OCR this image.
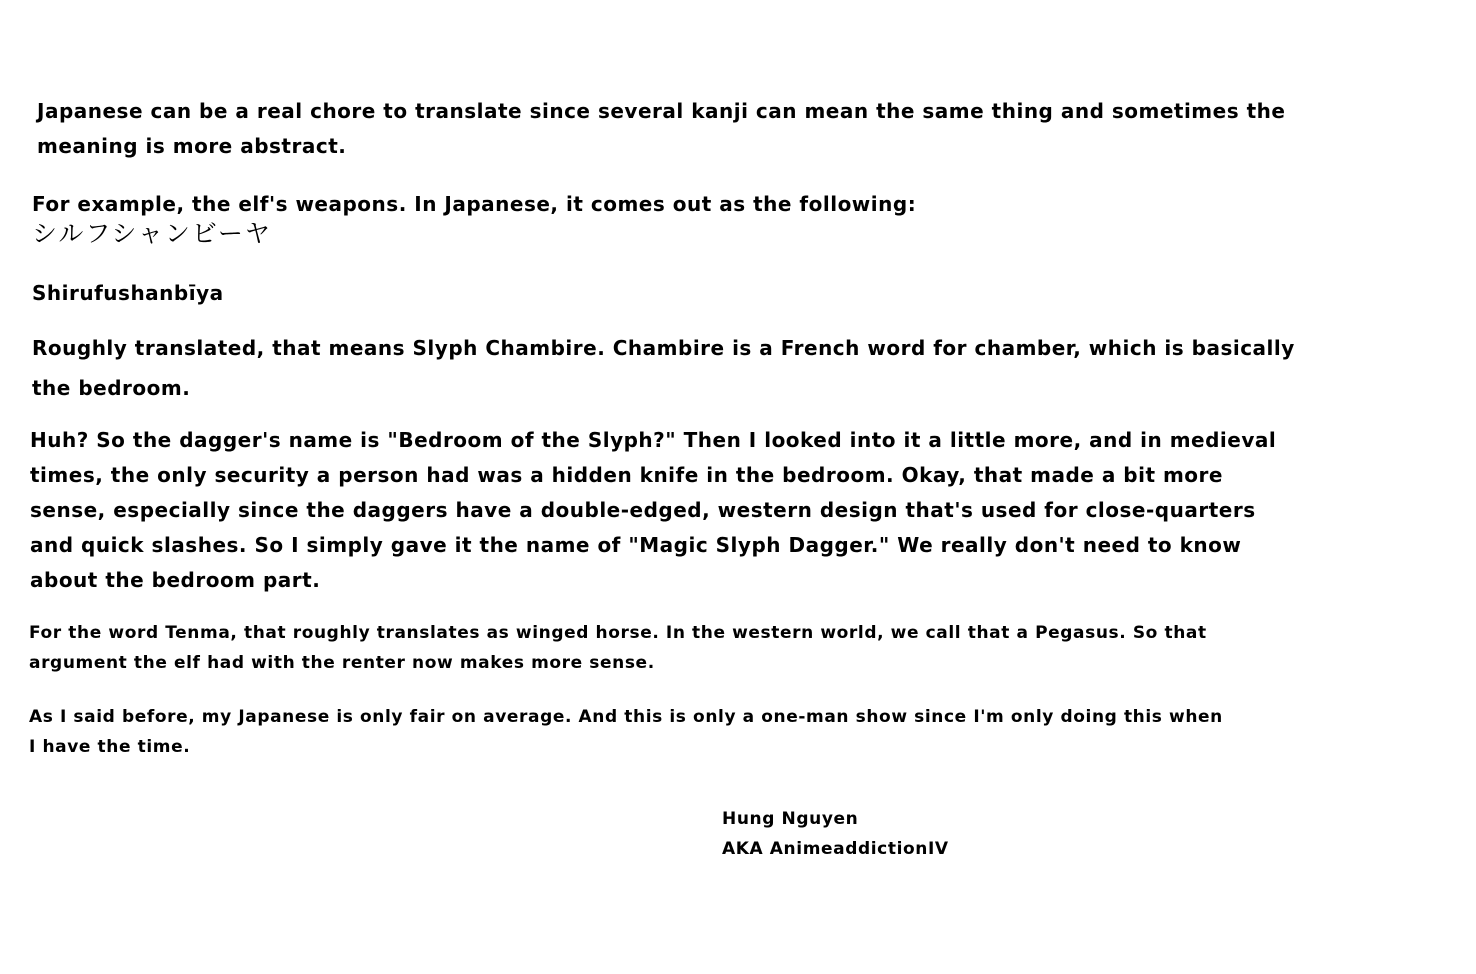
Japanese can be a real chore to translate since several kanji can mean the same thing and sometimes the
meaning is more abstract.
For example, the elf's weapons. In Japanese, it comes out as the following:
シルフシャンビーヤ
Shirufushanbīya
Roughly translated, that means Slyph Chambire. Chambire is a French word for chamber, which is basically
the bedroom.
Huh? So the dagger's name is "Bedroom of the Slyph?" Then I looked into it a little more, and in medieval
times, the only security a person had was a hidden knife in the bedroom. Okay, that made a bit more
sense, especially since the daggers have a double-edged, western design that's used for close-quarters
and quick slashes. So I simply gave it the name of "Magic Slyph Dagger." We really don't need to know
about the bedroom part.
For the word Tenma, that roughly translates as winged horse. In the western world, we call that a Pegasus. So that
argument the elf had with the renter now makes more sense.
As I said before, my Japanese is only fair on average. And this is only a one-man show since I'm only doing this when
I have the time.
Hung Nguyen
AKA AnimeaddictionIV
